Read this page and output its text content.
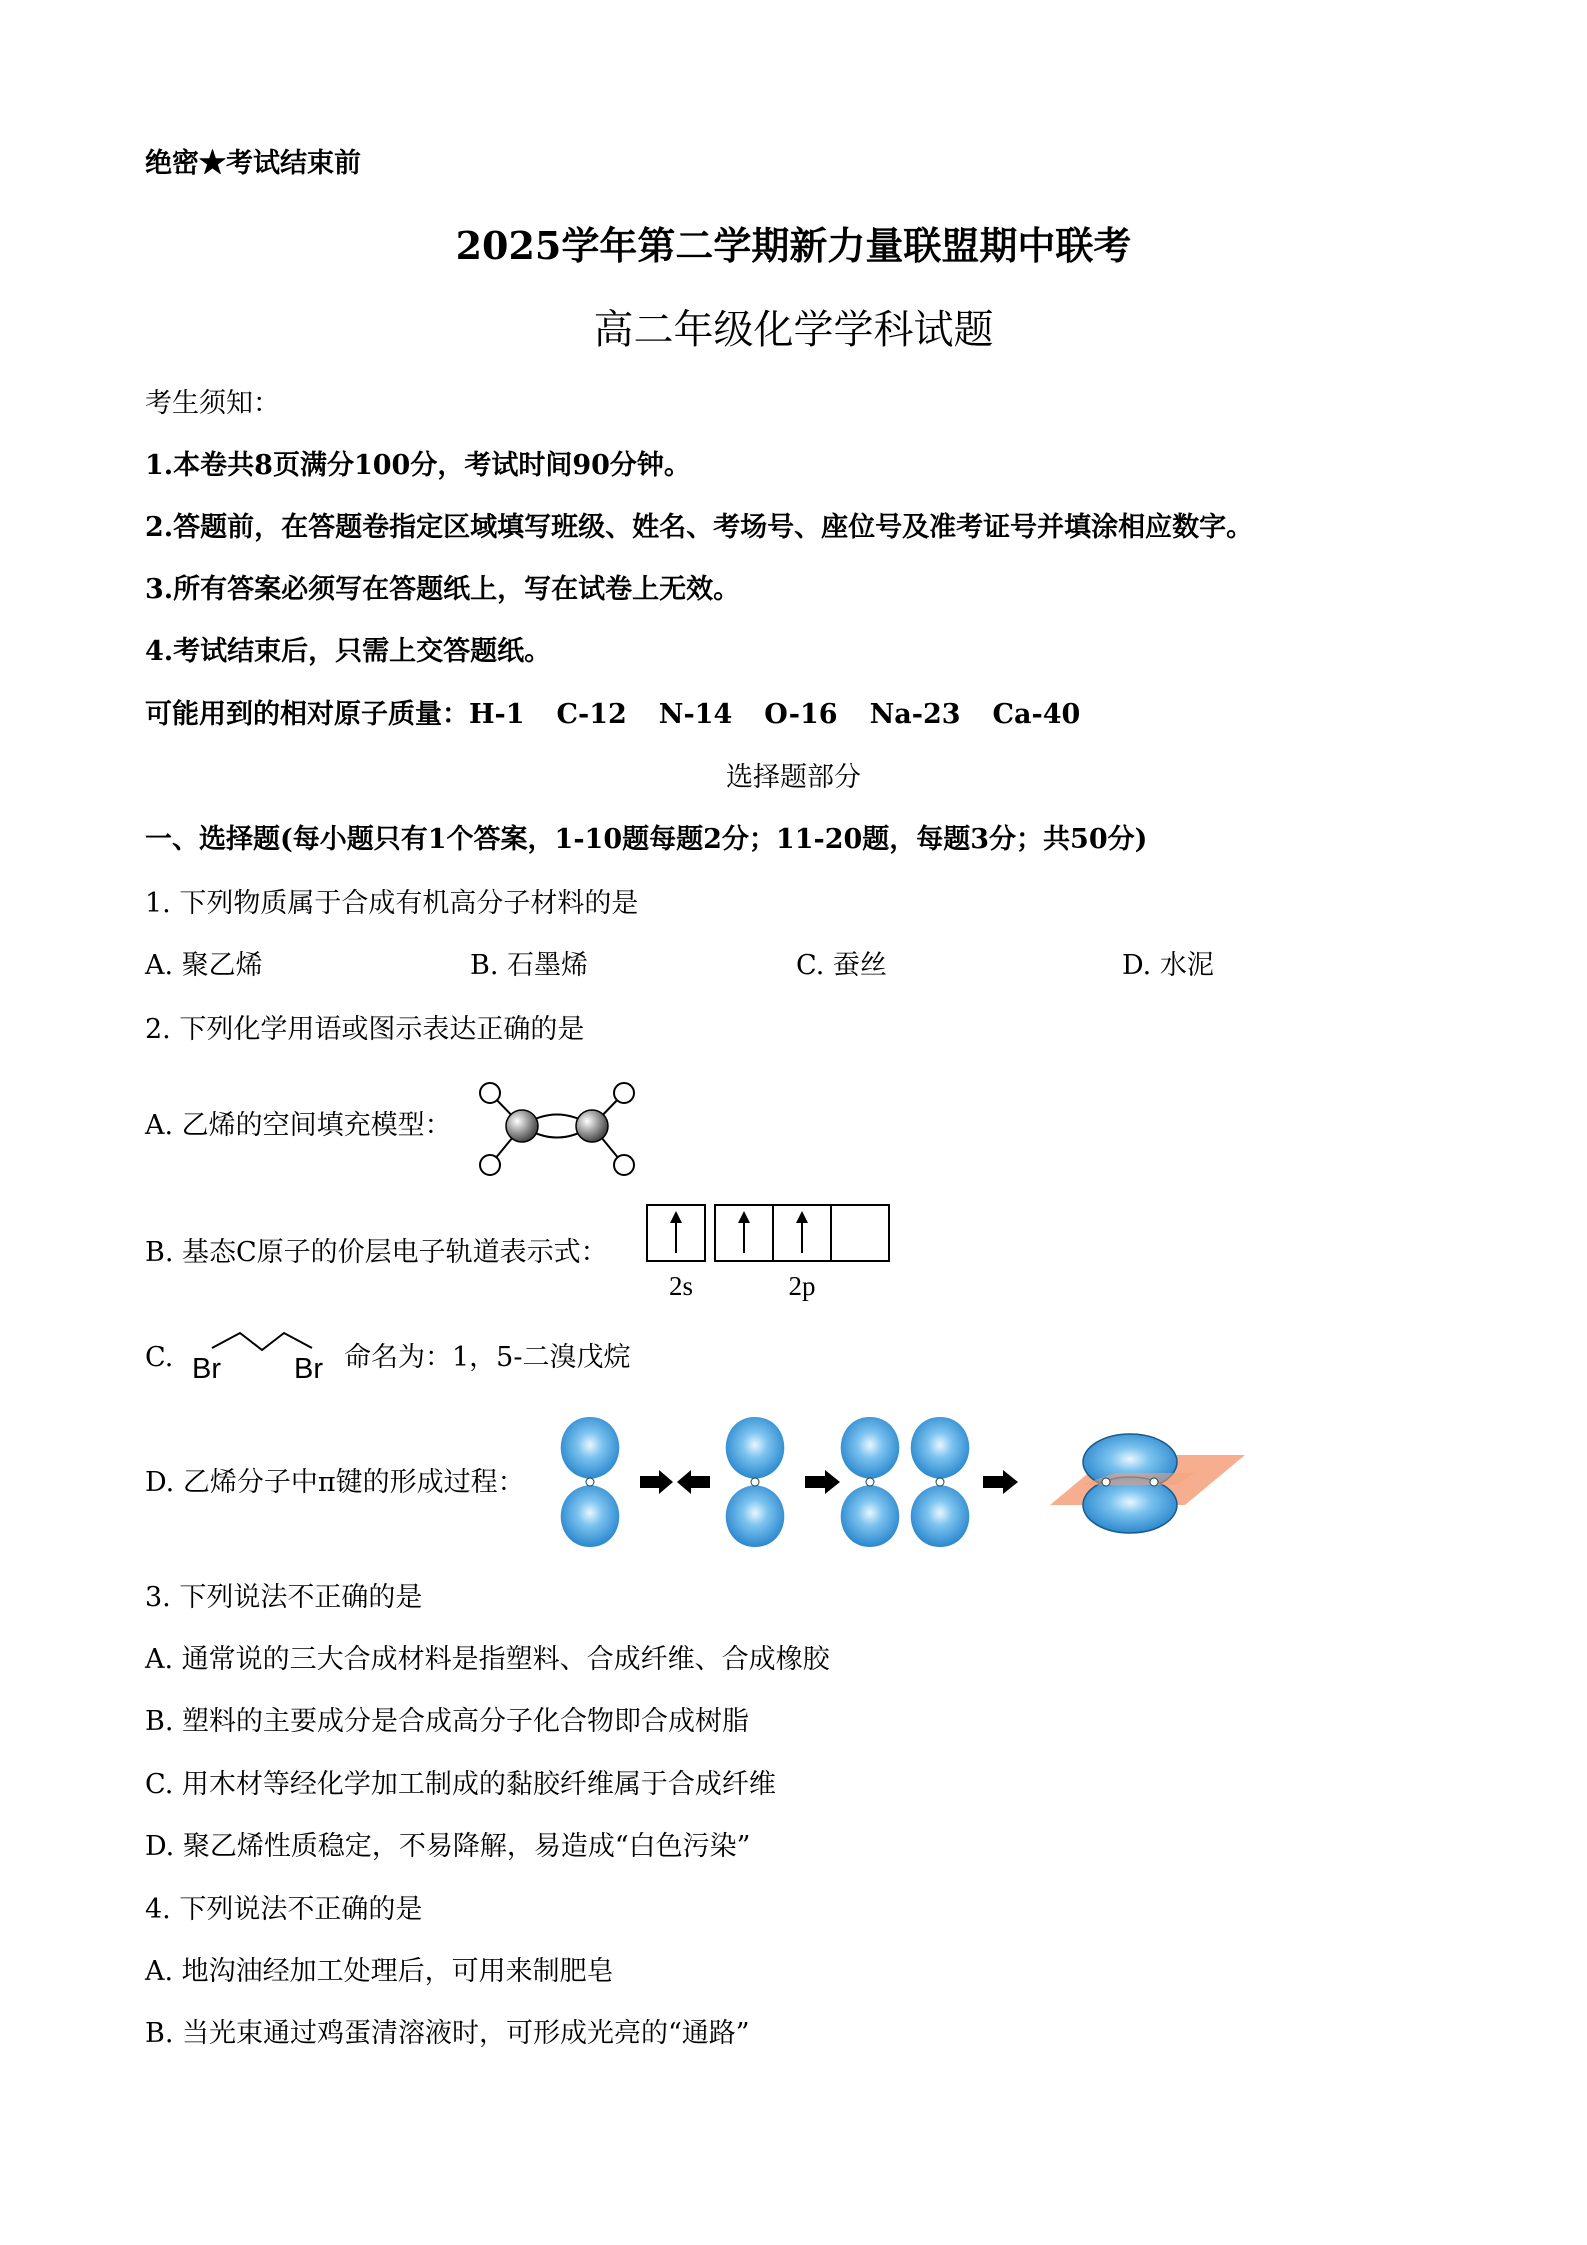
绝密★考试结束前
2025学年第二学期新力量联盟期中联考
高二年级化学学科试题
考生须知：
1.本卷共8页满分100分，考试时间90分钟。
2.答题前，在答题卷指定区域填写班级、姓名、考场号、座位号及准考证号并填涂相应数字。
3.所有答案必须写在答题纸上，写在试卷上无效。
4.考试结束后，只需上交答题纸。
可能用到的相对原子质量：H-1 C-12 N-14 O-16 Na-23 Ca-40
选择题部分
一、选择题(每小题只有1个答案，1-10题每题2分；11-20题，每题3分；共50分)
1. 下列物质属于合成有机高分子材料的是
A. 聚乙烯	B. 石墨烯	C. 蚕丝	D. 水泥
2. 下列化学用语或图示表达正确的是
A. 乙烯的空间填充模型：
B. 基态C原子的价层电子轨道表示式：
2s	2p
C. Br	Br 命名为：1，5-二溴戊烷
D. 乙烯分子中π键的形成过程：
3. 下列说法不正确的是
A. 通常说的三大合成材料是指塑料、合成纤维、合成橡胶
B. 塑料的主要成分是合成高分子化合物即合成树脂
C. 用木材等经化学加工制成的黏胶纤维属于合成纤维
D. 聚乙烯性质稳定，不易降解，易造成“白色污染”
4. 下列说法不正确的是
A. 地沟油经加工处理后，可用来制肥皂
B. 当光束通过鸡蛋清溶液时，可形成光亮的“通路”
